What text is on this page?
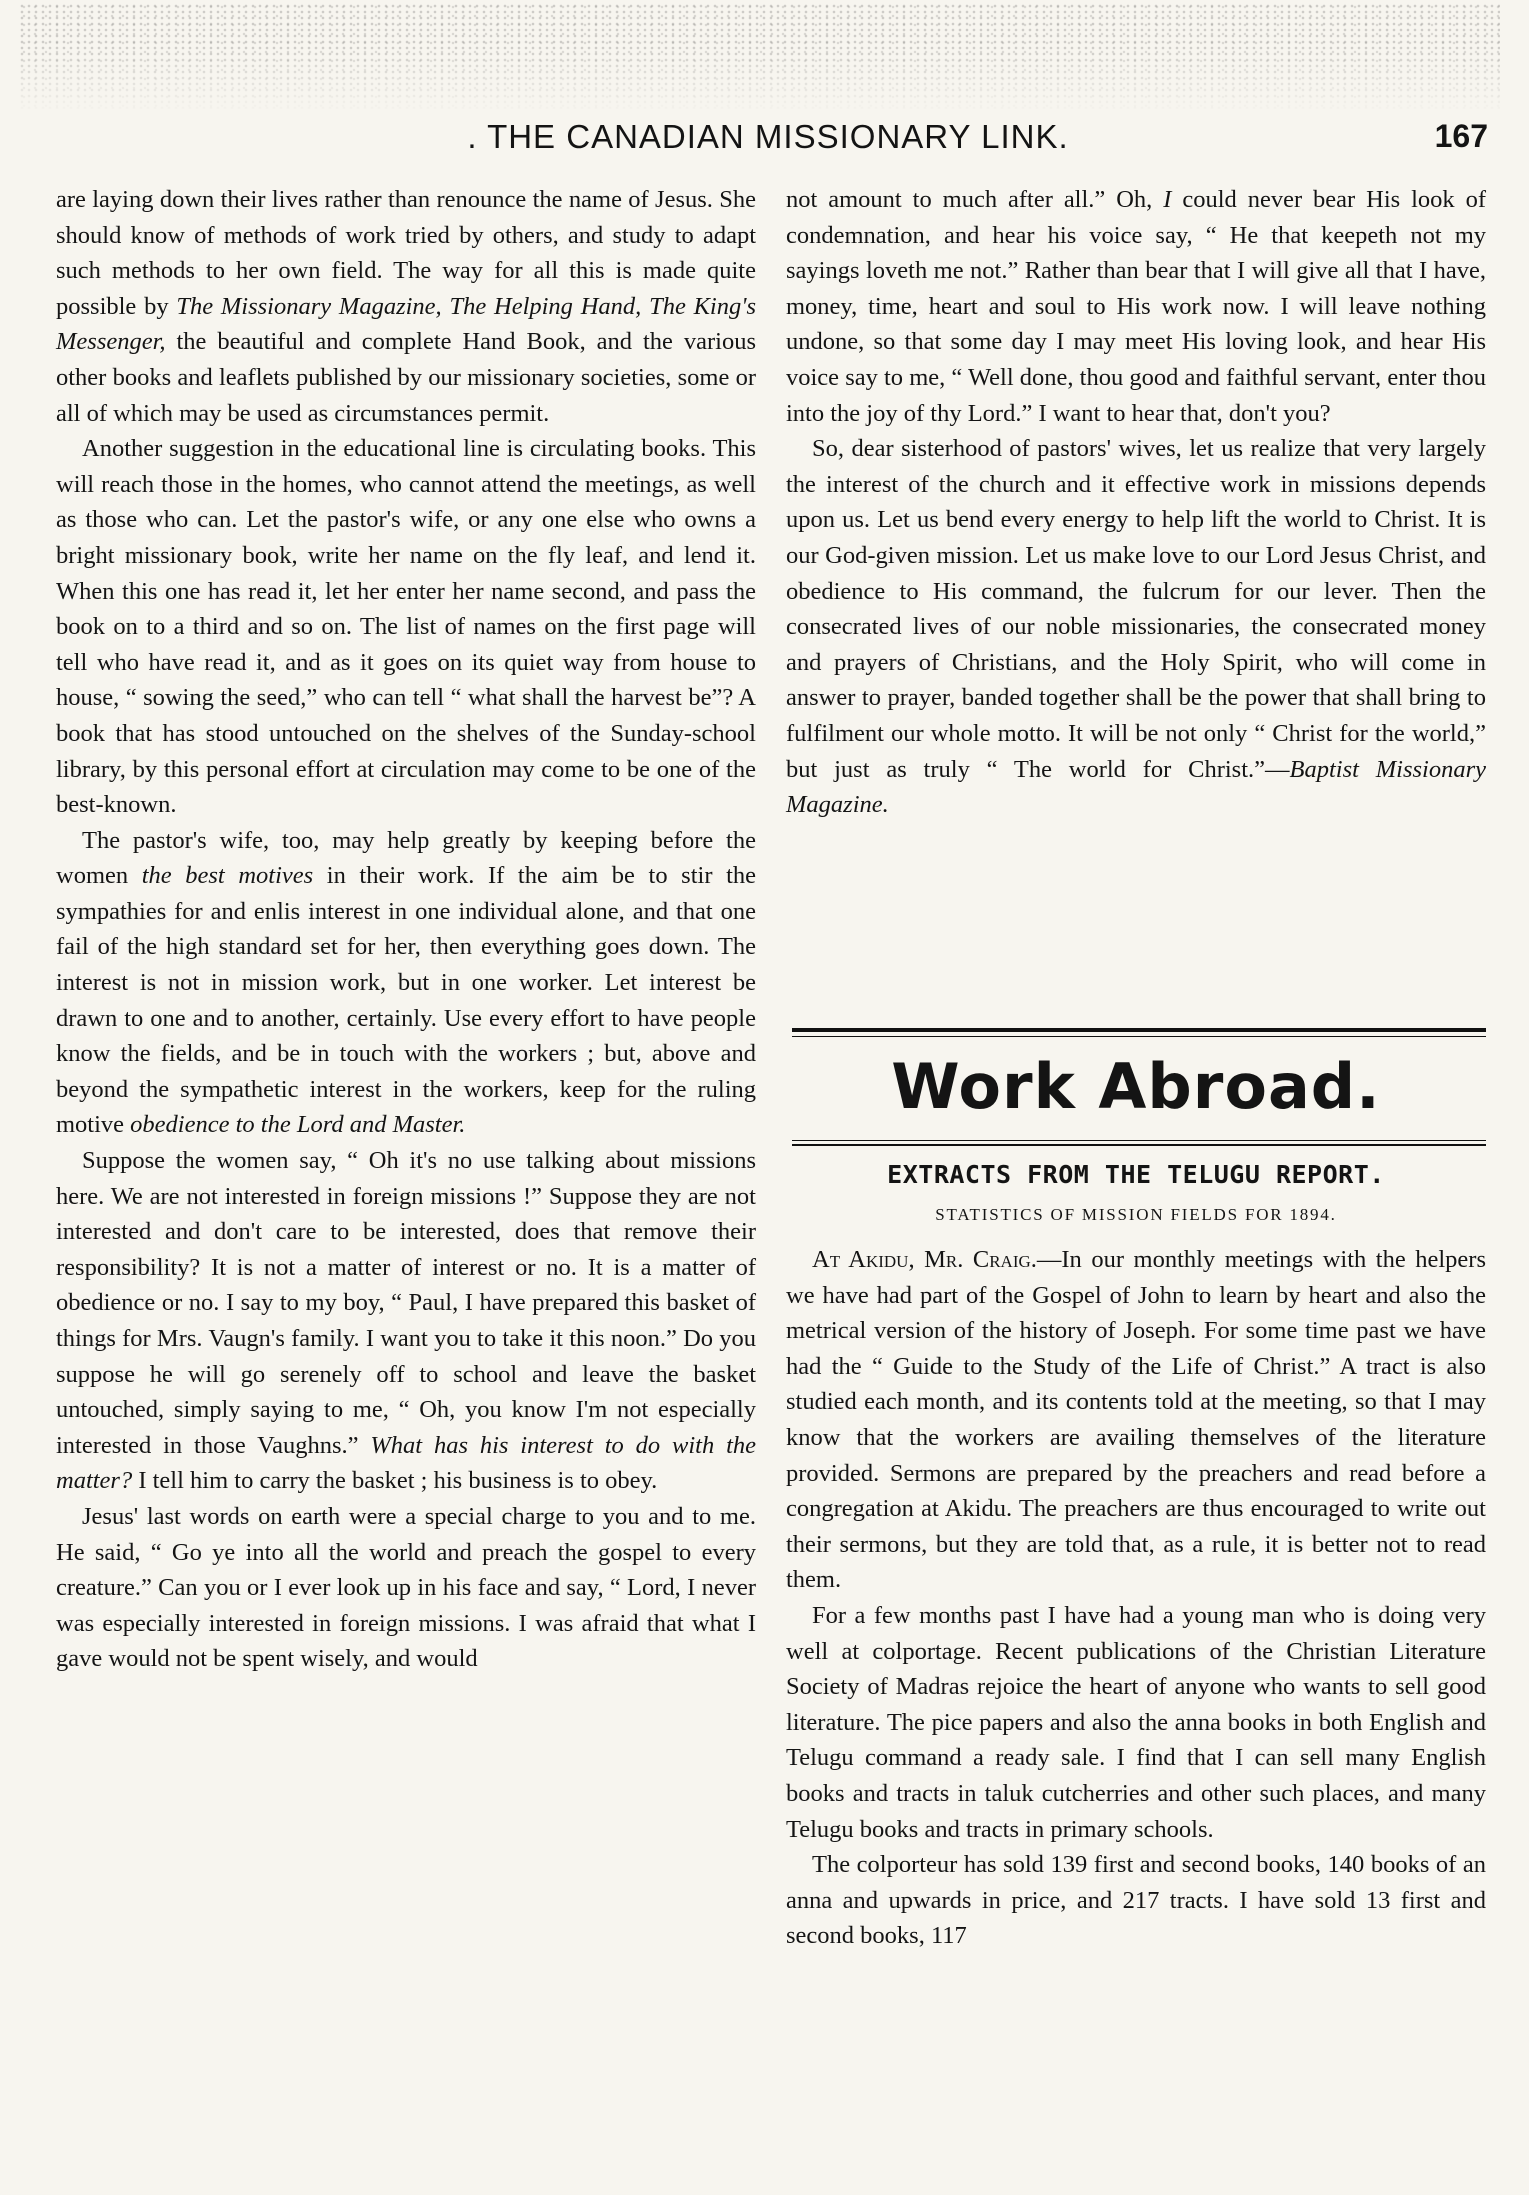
. THE CANADIAN MISSIONARY LINK.	167

are laying down their lives rather than renounce the name of Jesus. She should know of methods of work tried by others, and study to adapt such methods to her own field. The way for all this is made quite possible by The Missionary Magazine, The Helping Hand, The King's Messenger, the beautiful and complete Hand Book, and the various other books and leaflets published by our missionary societies, some or all of which may be used as circumstances permit.

Another suggestion in the educational line is circulating books. This will reach those in the homes, who cannot attend the meetings, as well as those who can. Let the pastor's wife, or any one else who owns a bright missionary book, write her name on the fly leaf, and lend it. When this one has read it, let her enter her name second, and pass the book on to a third and so on. The list of names on the first page will tell who have read it, and as it goes on its quiet way from house to house, “ sowing the seed,” who can tell “ what shall the harvest be”? A book that has stood untouched on the shelves of the Sunday-school library, by this personal effort at circulation may come to be one of the best-known.

The pastor's wife, too, may help greatly by keeping before the women the best motives in their work. If the aim be to stir the sympathies for and enlis interest in one individual alone, and that one fail of the high standard set for her, then everything goes down. The interest is not in mission work, but in one worker. Let interest be drawn to one and to another, certainly. Use every effort to have people know the fields, and be in touch with the workers ; but, above and beyond the sympathetic interest in the workers, keep for the ruling motive obedience to the Lord and Master.

Suppose the women say, “ Oh it's no use talking about missions here. We are not interested in foreign missions !” Suppose they are not interested and don't care to be interested, does that remove their responsibility? It is not a matter of interest or no. It is a matter of obedience or no. I say to my boy, “ Paul, I have prepared this basket of things for Mrs. Vaugn's family. I want you to take it this noon.” Do you suppose he will go serenely off to school and leave the basket untouched, simply saying to me, “ Oh, you know I'm not especially interested in those Vaughns.” What has his interest to do with the matter? I tell him to carry the basket ; his business is to obey.

Jesus' last words on earth were a special charge to you and to me. He said, “ Go ye into all the world and preach the gospel to every creature.” Can you or I ever look up in his face and say, “ Lord, I never was especially interested in foreign missions. I was afraid that what I gave would not be spent wisely, and would

not amount to much after all.” Oh, I could never bear His look of condemnation, and hear his voice say, “ He that keepeth not my sayings loveth me not.” Rather than bear that I will give all that I have, money, time, heart and soul to His work now. I will leave nothing undone, so that some day I may meet His loving look, and hear His voice say to me, “ Well done, thou good and faithful servant, enter thou into the joy of thy Lord.” I want to hear that, don't you?

So, dear sisterhood of pastors' wives, let us realize that very largely the interest of the church and it effective work in missions depends upon us. Let us bend every energy to help lift the world to Christ. It is our God-given mission. Let us make love to our Lord Jesus Christ, and obedience to His command, the fulcrum for our lever. Then the consecrated lives of our noble missionaries, the consecrated money and prayers of Christians, and the Holy Spirit, who will come in answer to prayer, banded together shall be the power that shall bring to fulfilment our whole motto. It will be not only “ Christ for the world,” but just as truly “ The world for Christ.”—Baptist Missionary Magazine.

Work Abroad.
EXTRACTS FROM THE TELUGU REPORT.
STATISTICS OF MISSION FIELDS FOR 1894.

At Akidu, Mr. Craig.—In our monthly meetings with the helpers we have had part of the Gospel of John to learn by heart and also the metrical version of the history of Joseph. For some time past we have had the “ Guide to the Study of the Life of Christ.” A tract is also studied each month, and its contents told at the meeting, so that I may know that the workers are availing themselves of the literature provided. Sermons are prepared by the preachers and read before a congregation at Akidu. The preachers are thus encouraged to write out their sermons, but they are told that, as a rule, it is better not to read them.

For a few months past I have had a young man who is doing very well at colportage. Recent publications of the Christian Literature Society of Madras rejoice the heart of anyone who wants to sell good literature. The pice papers and also the anna books in both English and Telugu command a ready sale. I find that I can sell many English books and tracts in taluk cutcherries and other such places, and many Telugu books and tracts in primary schools.

The colporteur has sold 139 first and second books, 140 books of an anna and upwards in price, and 217 tracts. I have sold 13 first and second books, 117
